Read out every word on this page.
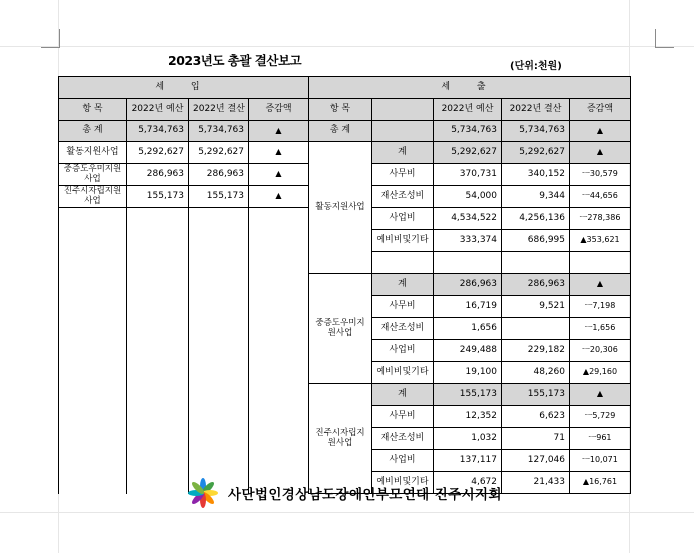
2023년도 총괄 결산보고	(단위:천원)
세 입				세 출				
항 목	2022년 예산	2022년 결산	증감액	항 목		2022년 예산	2022년 결산	증감액
총 계	5,734,763	5,734,763	▲	총 계		5,734,763	5,734,763	▲
활동지원사업	5,292,627	5,292,627	▲	활동지원사업	계	5,292,627	5,292,627	▲
중증도우미지원사업	286,963	286,963	▲		사무비	370,731	340,152	ㅡ30,579
진주시자립지원사업	155,173	155,173	▲		재산조성비	54,000	9,344	ㅡ44,656
					사업비	4,534,522	4,256,136	ㅡ278,386
					예비비및기타	333,374	686,995	▲353,621

				중증도우미지원사업	계	286,963	286,963	▲
					사무비	16,719	9,521	ㅡ7,198
					재산조성비	1,656		ㅡ1,656
					사업비	249,488	229,182	ㅡ20,306
					예비비및기타	19,100	48,260	▲29,160
				진주시자립지원사업	계	155,173	155,173	▲
					사무비	12,352	6,623	ㅡ5,729
					재산조성비	1,032	71	ㅡ961
					사업비	137,117	127,046	ㅡ10,071
					예비비및기타	4,672	21,433	▲16,761
사단법인경상남도장애인부모연대 진주시지회
